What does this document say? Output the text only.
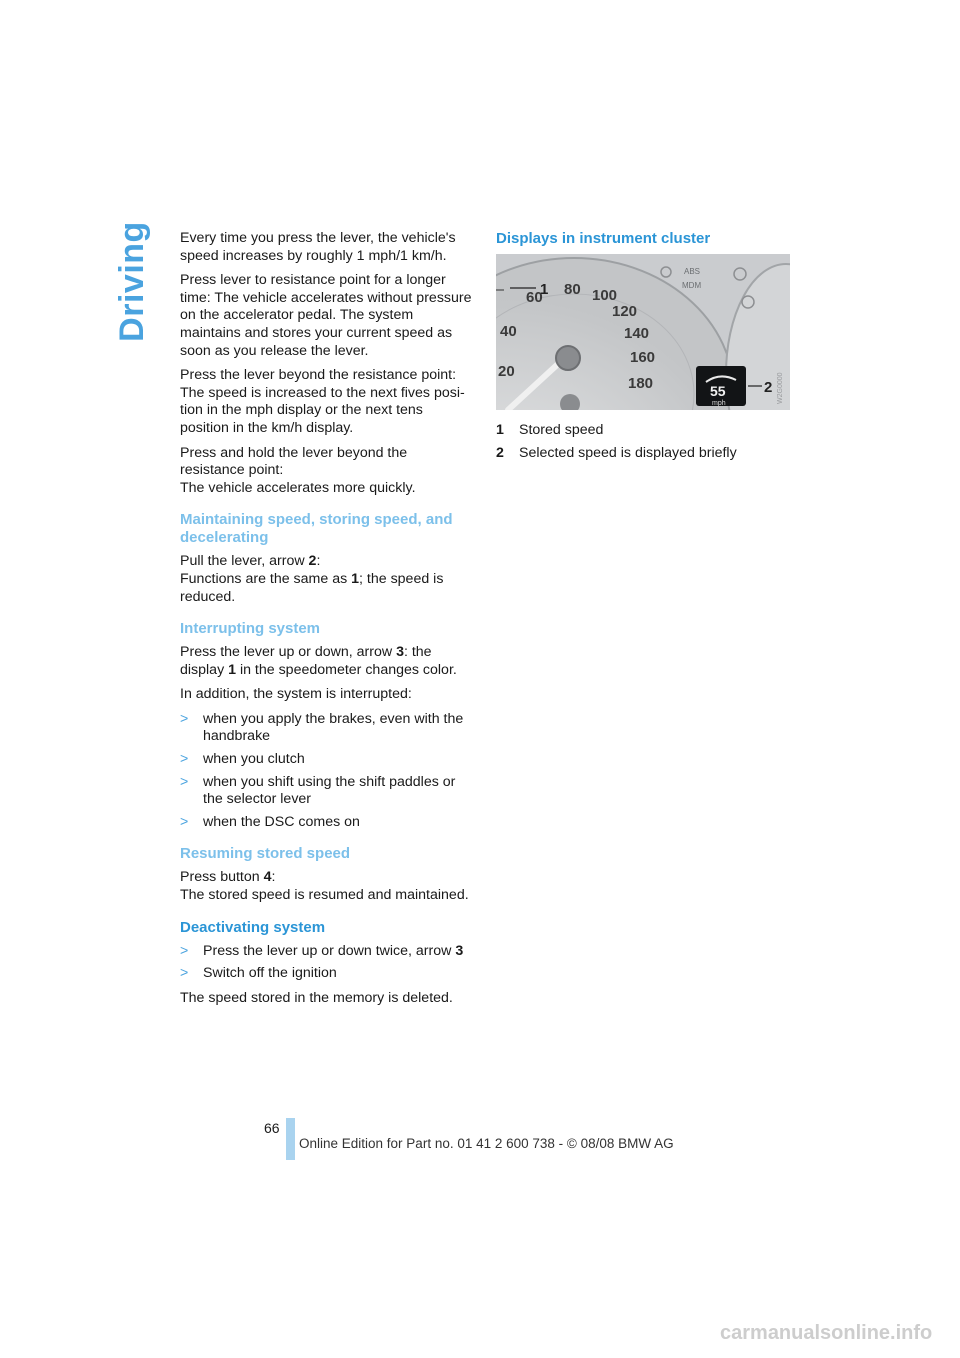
Driving Every time you press the lever, the vehicle's speed increases by roughly 1 mph/1 km/h.

Press lever to resistance point for a longer time: The vehicle accelerates without pressure on the accelerator pedal. The system maintains and stores your current speed as soon as you release the lever.

Press the lever beyond the resistance point: The speed is increased to the next fives posi- tion in the mph display or the next tens position in the km/h display.

Press and hold the lever beyond the resistance point:
The vehicle accelerates more quickly.

Maintaining speed, storing speed, and decelerating

Pull the lever, arrow 2:
Functions are the same as 1; the speed is reduced.

Interrupting system

Press the lever up or down, arrow 3: the display 1 in the speedometer changes color.

In addition, the system is interrupted:

> when you apply the brakes, even with the handbrake
> when you clutch
> when you shift using the shift paddles or the selector lever
> when the DSC comes on
Resuming stored speed

Press button 4:
The stored speed is resumed and maintained.

Deactivating system
> Press the lever up or down twice, arrow 3
> Switch off the ignition

The speed stored in the memory is deleted.

Displays in instrument cluster
60 80 100
120
140
160
180
40
20
1
ABS
MDM
55
mph
2 W2G0000
1	Stored speed
2	Selected speed is displayed briefly
66
Online Edition for Part no. 01 41 2 600 738 - © 08/08 BMW AG
carmanualsonline.info
